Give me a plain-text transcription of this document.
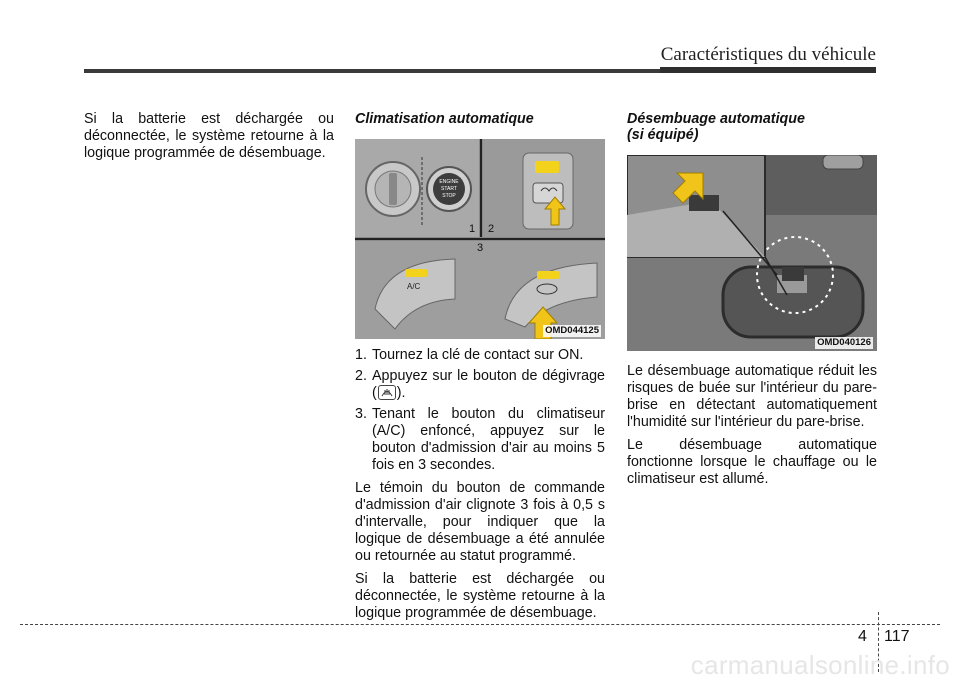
Caractéristiques du véhicule

Si la batterie est déchargée ou déconnectée, le système retourne à la logique programmée de désembuage.

Climatisation automatique
ENGINE
START
STOP
1 2
3
A/C
OMD044125
1. Tournez la clé de contact sur ON.
2. Appuyez sur le bouton de dégivrage ( ).
3. Tenant le bouton du climatiseur (A/C) enfoncé, appuyez sur le bouton d'admission d'air au moins 5 fois en 3 secondes.

Le témoin du bouton de commande d'admission d'air clignote 3 fois à 0,5 s d'intervalle, pour indiquer que la logique de désembuage a été annulée ou retournée au statut programmé.

Si la batterie est déchargée ou déconnectée, le système retourne à la logique programmée de désembuage.

Désembuage automatique
(si équipé)
OMD040126

Le désembuage automatique réduit les risques de buée sur l'intérieur du pare-brise en détectant automatiquement l'humidité sur l'intérieur du pare-brise.

Le désembuage automatique fonctionne lorsque le chauffage ou le climatiseur est allumé.

4 117
carmanualsonline.info
